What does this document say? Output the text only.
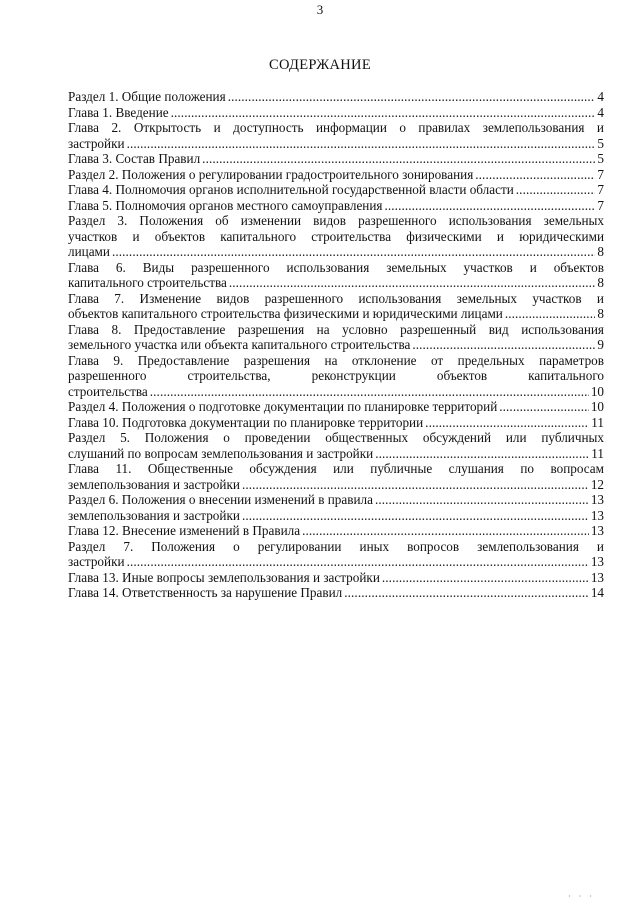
3
СОДЕРЖАНИЕ
Раздел 1. Общие положения . . .	4
Глава 1. Введение . . .	4
Глава 2. Открытость и доступность информации о правилах землепользования и
застройки . . .	5
Глава 3. Состав Правил . . .	5
Раздел 2. Положения о регулировании градостроительного зонирования . . .	7
Глава 4. Полномочия органов исполнительной государственной власти области . . .	7
Глава 5. Полномочия органов местного самоуправления . . .	7
Раздел 3. Положения об изменении видов разрешенного использования земельных
участков и объектов капитального строительства физическими и юридическими
лицами . . .	8
Глава 6. Виды разрешенного использования земельных участков и объектов
капитального строительства . . .	8
Глава 7. Изменение видов разрешенного использования земельных участков и
объектов капитального строительства физическими и юридическими лицами . . .	8
Глава 8. Предоставление разрешения на условно разрешенный вид использования
земельного участка или объекта капитального строительства . . .	9
Глава 9. Предоставление разрешения на отклонение от предельных параметров
разрешенного строительства, реконструкции объектов капитального
строительства . . .	10
Раздел 4. Положения о подготовке документации по планировке территорий . . .	10
Глава 10. Подготовка документации по планировке территории . . .	11
Раздел 5. Положения о проведении общественных обсуждений или публичных
слушаний по вопросам землепользования и застройки . . .	11
Глава 11. Общественные обсуждения или публичные слушания по вопросам
землепользования и застройки . . .	12
Раздел 6. Положения о внесении изменений в правила . . .	13
землепользования и застройки . . .	13
Глава 12. Внесение изменений в Правила . . .	13
Раздел 7. Положения о регулировании иных вопросов землепользования и
застройки . . .	13
Глава 13. Иные вопросы землепользования и застройки . . .	13
Глава 14. Ответственность за нарушение Правил . . .	14
· · ·
